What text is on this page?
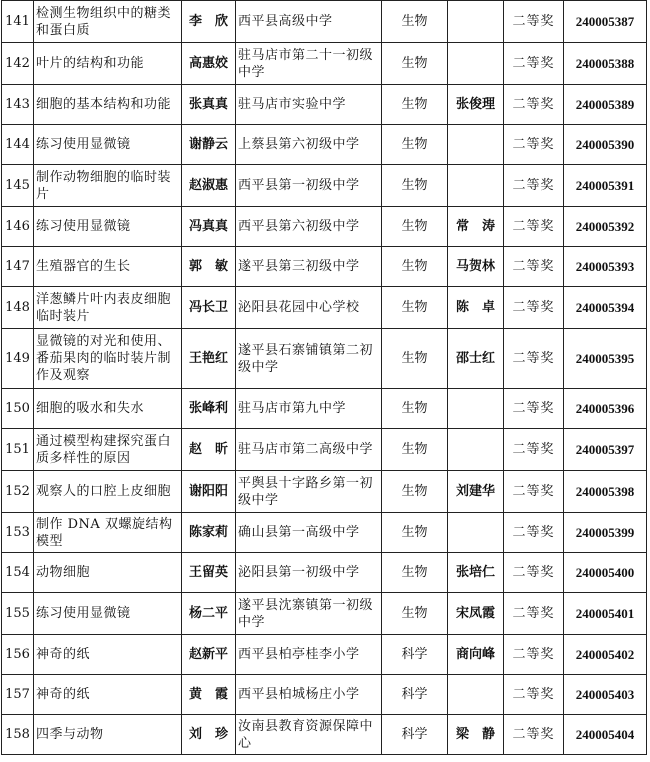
141	检测生物组织中的糖类和蛋白质	李　欣	西平县高级中学	生物		二等奖	240005387
142	叶片的结构和功能	高惠姣	驻马店市第二十一初级中学	生物		二等奖	240005388
143	细胞的基本结构和功能	张真真	驻马店市实验中学	生物	张俊理	二等奖	240005389
144	练习使用显微镜	谢静云	上蔡县第六初级中学	生物		二等奖	240005390
145	制作动物细胞的临时装片	赵淑惠	西平县第一初级中学	生物		二等奖	240005391
146	练习使用显微镜	冯真真	西平县第六初级中学	生物	常　涛	二等奖	240005392
147	生殖器官的生长	郭　敏	遂平县第三初级中学	生物	马贺林	二等奖	240005393
148	洋葱鳞片叶内表皮细胞临时装片	冯长卫	泌阳县花园中心学校	生物	陈　卓	二等奖	240005394
149	显微镜的对光和使用、番茄果肉的临时装片制作及观察	王艳红	遂平县石寨铺镇第二初级中学	生物	邵士红	二等奖	240005395
150	细胞的吸水和失水	张峰利	驻马店市第九中学	生物		二等奖	240005396
151	通过模型构建探究蛋白质多样性的原因	赵　昕	驻马店市第二高级中学	生物		二等奖	240005397
152	观察人的口腔上皮细胞	谢阳阳	平舆县十字路乡第一初级中学	生物	刘建华	二等奖	240005398
153	制作 DNA 双螺旋结构模型	陈家莉	确山县第一高级中学	生物		二等奖	240005399
154	动物细胞	王留英	泌阳县第一初级中学	生物	张培仁	二等奖	240005400
155	练习使用显微镜	杨二平	遂平县沈寨镇第一初级中学	生物	宋凤霞	二等奖	240005401
156	神奇的纸	赵新平	西平县柏亭桂李小学	科学	商向峰	二等奖	240005402
157	神奇的纸	黄　霞	西平县柏城杨庄小学	科学		二等奖	240005403
158	四季与动物	刘　珍	汝南县教育资源保障中心	科学	梁　静	二等奖	240005404
